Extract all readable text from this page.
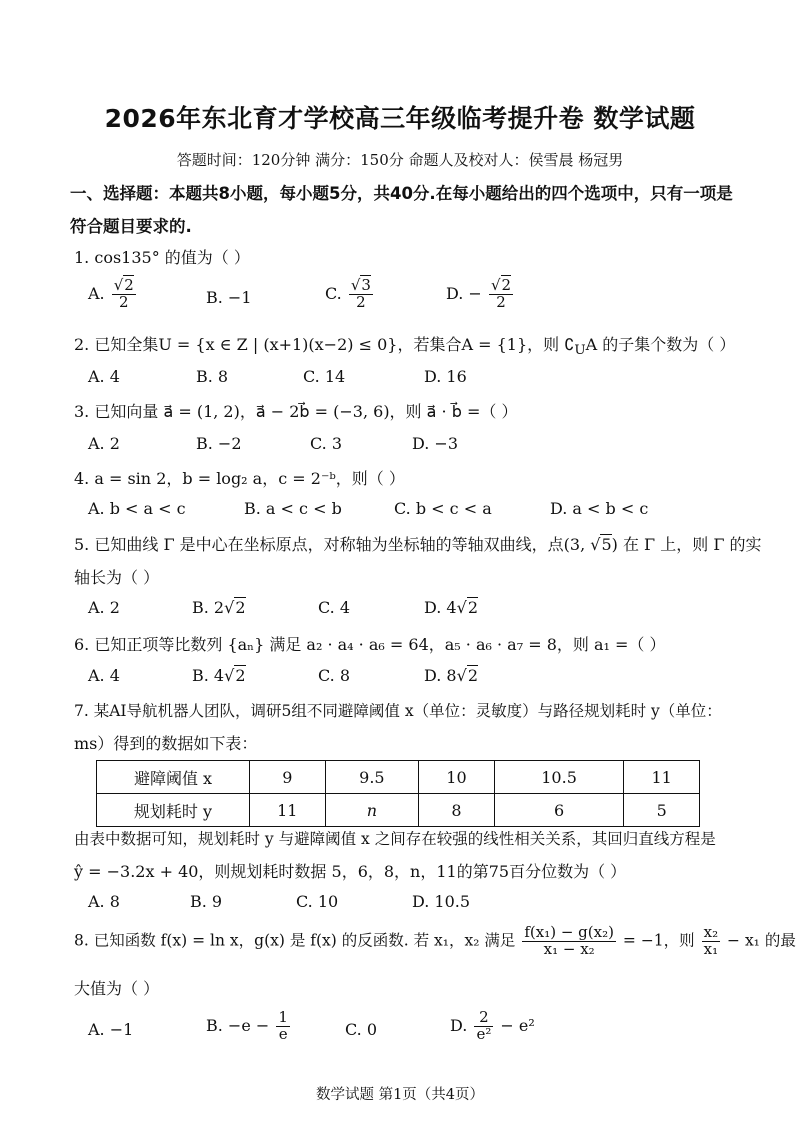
2026年东北育才学校高三年级临考提升卷 数学试题
答题时间：120分钟 满分：150分 命题人及校对人：侯雪晨 杨冠男
一、选择题：本题共8小题，每小题5分，共40分.在每小题给出的四个选项中，只有一项是
符合题目要求的.
1. cos135° 的值为（ ）
A. $\frac{√2}{2}$	B. −1	C. $\frac{√3}{2}$	D. − $\frac{√2}{2}$
2. 已知全集U = {x ∈ Z | (x+1)(x−2) ≤ 0}，若集合A = {1}，则 $∁_UA$ 的子集个数为（ ）
A. 4	B. 8	C. 14	D. 16
3. 已知向量 a⃗ = (1, 2)，a⃗ − 2b⃗ = (−3, 6)，则 a⃗ · b⃗ =（ ）
A. 2	B. −2	C. 3	D. −3
4. a = sin 2，b = log₂ a，c = 2⁻ᵇ，则（ ）
A. b < a < c	B. a < c < b	C. b < c < a	D. a < b < c
5. 已知曲线 Γ 是中心在坐标原点，对称轴为坐标轴的等轴双曲线，点(3, √5) 在 Γ 上，则 Γ 的实
轴长为（ ）
A. 2	B. 2√2	C. 4	D. 4√2
6. 已知正项等比数列 {aₙ} 满足 a₂ · a₄ · a₆ = 64，a₅ · a₆ · a₇ = 8，则 a₁ =（ ）
A. 4	B. 4√2	C. 8	D. 8√2
7. 某AI导航机器人团队，调研5组不同避障阈值 x（单位：灵敏度）与路径规划耗时 y（单位：
ms）得到的数据如下表：
避障阈值 x	9	9.5	10	10.5	11
规划耗时 y	11	n	8	6	5
由表中数据可知，规划耗时 y 与避障阈值 x 之间存在较强的线性相关关系，其回归直线方程是
ŷ = −3.2x + 40，则规划耗时数据 5，6，8，n，11的第75百分位数为（ ）
A. 8	B. 9	C. 10	D. 10.5
8. 已知函数 f(x) = ln x，g(x) 是 f(x) 的反函数. 若 x₁，x₂ 满足 $\frac{\text{f(x₁) − g(x₂)}}{\text{x₁ − x₂}} = -1$，则 $\frac{\text{x₂}}{\text{x₁}} - x_1$ 的最
大值为（ ）
A. −1	B. $-e - \frac{1}{e}$	C. 0	D. $\frac{2}{\text{e²}} - e^2$
数学试题 第1页（共4页）
